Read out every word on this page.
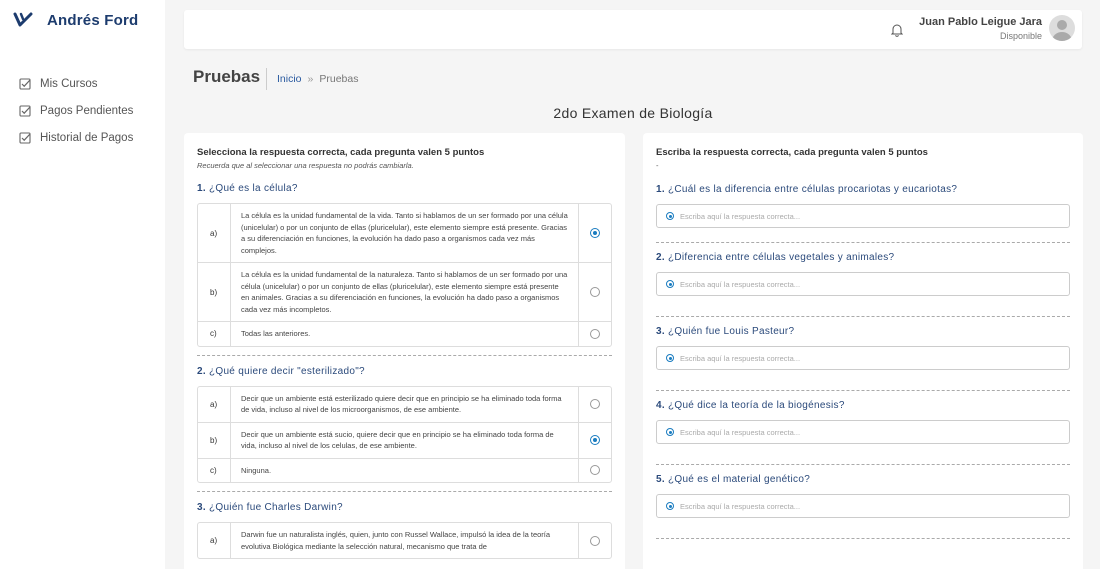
Andrés Ford
Mis Cursos
Pagos Pendientes
Historial de Pagos
Juan Pablo Leigue Jara
Disponible
Pruebas Inicio » Pruebas
2do Examen de Biología
Selecciona la respuesta correcta, cada pregunta valen 5 puntos
Recuerda que al seleccionar una respuesta no podrás cambiarla.
1. ¿Qué es la célula?
a)
La célula es la unidad fundamental de la vida. Tanto si hablamos de un ser formado por una célula (unicelular) o por un conjunto de ellas (pluricelular), este elemento siempre está presente. Gracias a su diferenciación en funciones, la evolución ha dado paso a organismos cada vez más complejos.
b)
La célula es la unidad fundamental de la naturaleza. Tanto si hablamos de un ser formado por una célula (unicelular) o por un conjunto de ellas (pluricelular), este elemento siempre está presente en animales. Gracias a su diferenciación en funciones, la evolución ha dado paso a organismos cada vez más incompletos.
c)	Todas las anteriores.
2. ¿Qué quiere decir "esterilizado"?
a)
Decir que un ambiente está esterilizado quiere decir que en principio se ha eliminado toda forma de vida, incluso al nivel de los microorganismos, de ese ambiente.
b)
Decir que un ambiente está sucio, quiere decir que en principio se ha eliminado toda forma de vida, incluso al nivel de los celulas, de ese ambiente.
c)	Ninguna.
3. ¿Quién fue Charles Darwin?
a)
Darwin fue un naturalista inglés, quien, junto con Russel Wallace, impulsó la idea de la teoría evolutiva Biológica mediante la selección natural, mecanismo que trata de
Escriba la respuesta correcta, cada pregunta valen 5 puntos
-
1. ¿Cuál es la diferencia entre células procariotas y eucariotas?
Escriba aquí la respuesta correcta...
2. ¿Diferencia entre células vegetales y animales?
Escriba aquí la respuesta correcta...
3. ¿Quién fue Louis Pasteur?
Escriba aquí la respuesta correcta...
4. ¿Qué dice la teoría de la biogénesis?
Escriba aquí la respuesta correcta...
5. ¿Qué es el material genético?
Escriba aquí la respuesta correcta...
